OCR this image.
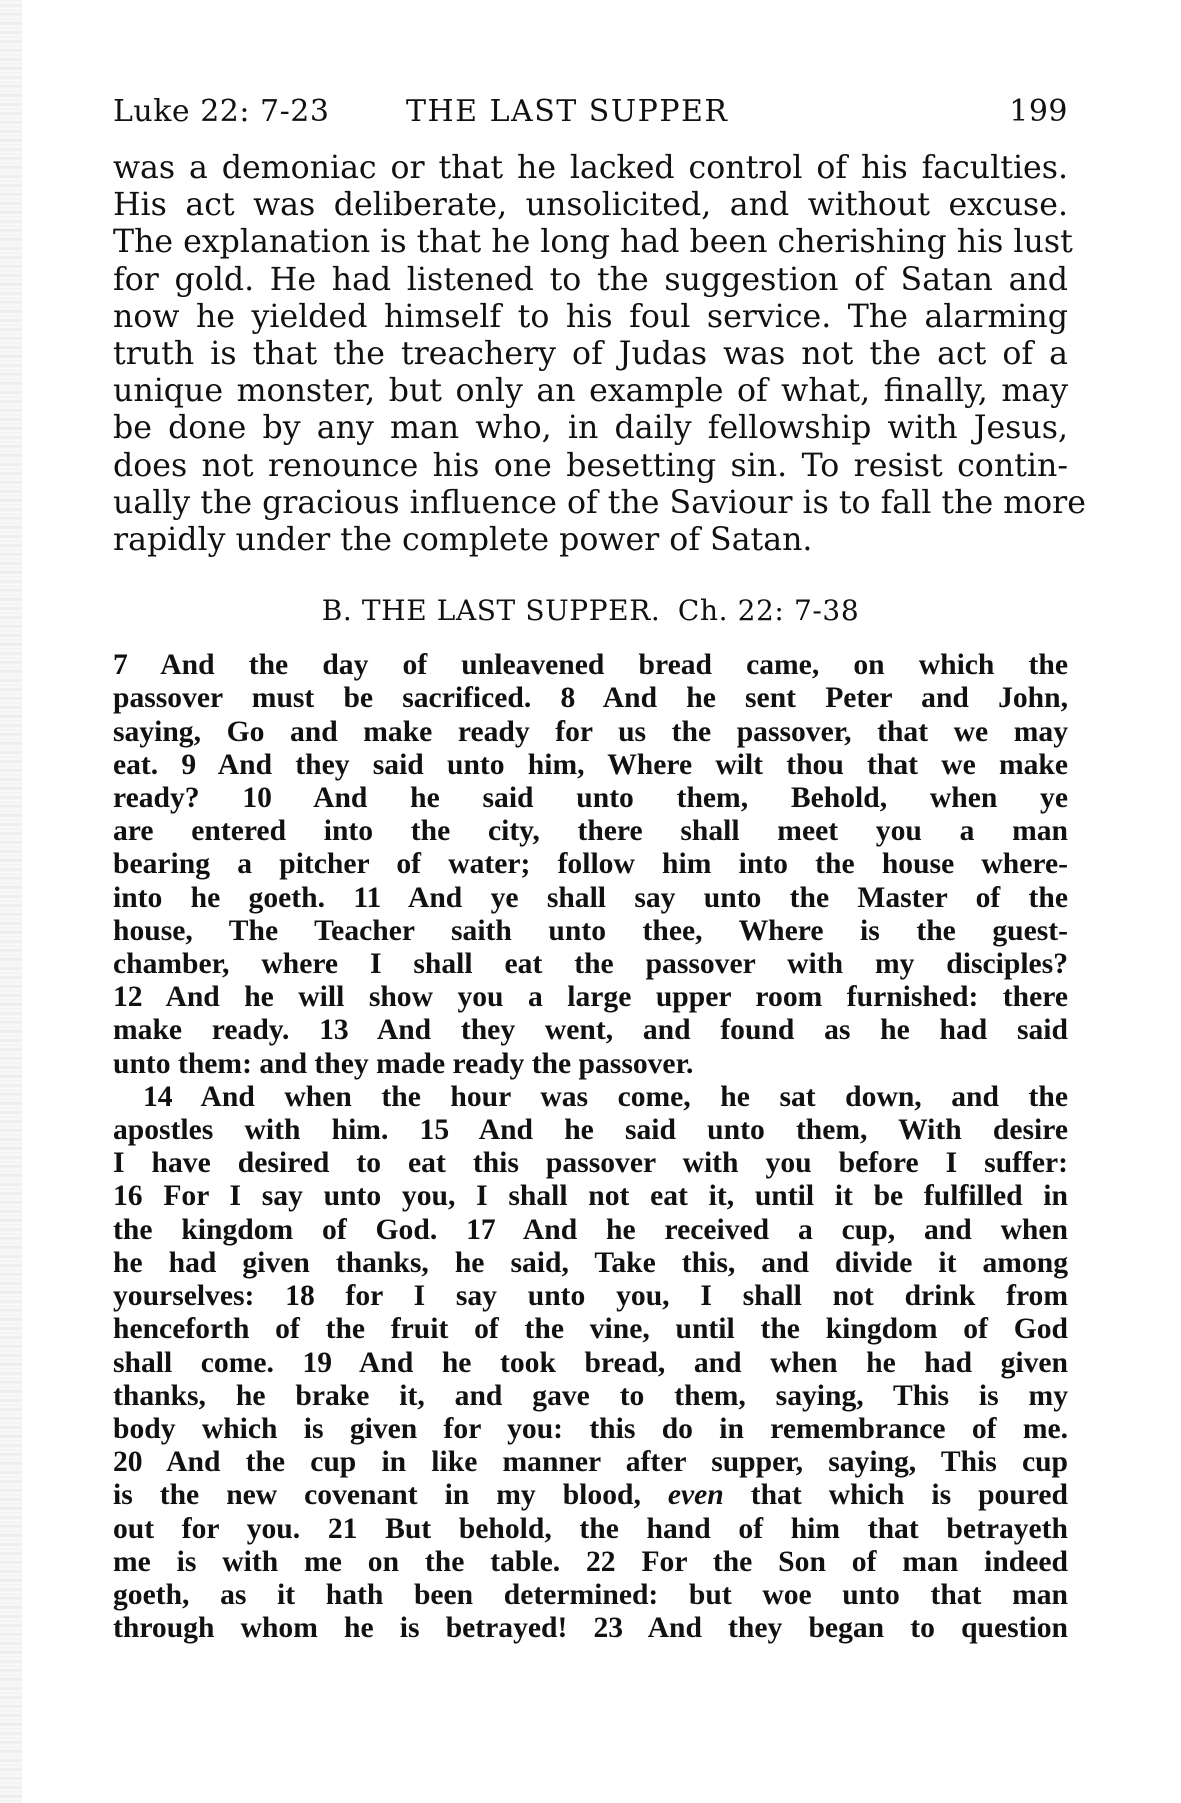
Luke 22: 7-23	THE LAST SUPPER	199

was a demoniac or that he lacked control of his faculties.
His act was deliberate, unsolicited, and without excuse.
The explanation is that he long had been cherishing his lust
for gold. He had listened to the suggestion of Satan and
now he yielded himself to his foul service. The alarming
truth is that the treachery of Judas was not the act of a
unique monster, but only an example of what, finally, may
be done by any man who, in daily fellowship with Jesus,
does not renounce his one besetting sin. To resist contin-
ually the gracious influence of the Saviour is to fall the more
rapidly under the complete power of Satan.

B. THE LAST SUPPER. Ch. 22: 7-38

7 And the day of unleavened bread came, on which the
passover must be sacrificed. 8 And he sent Peter and John,
saying, Go and make ready for us the passover, that we may
eat. 9 And they said unto him, Where wilt thou that we make
ready? 10 And he said unto them, Behold, when ye
are entered into the city, there shall meet you a man
bearing a pitcher of water; follow him into the house where-
into he goeth. 11 And ye shall say unto the Master of the
house, The Teacher saith unto thee, Where is the guest-
chamber, where I shall eat the passover with my disciples?
12 And he will show you a large upper room furnished: there
make ready. 13 And they went, and found as he had said
unto them: and they made ready the passover.

14 And when the hour was come, he sat down, and the
apostles with him. 15 And he said unto them, With desire
I have desired to eat this passover with you before I suffer:
16 For I say unto you, I shall not eat it, until it be fulfilled in
the kingdom of God. 17 And he received a cup, and when
he had given thanks, he said, Take this, and divide it among
yourselves: 18 for I say unto you, I shall not drink from
henceforth of the fruit of the vine, until the kingdom of God
shall come. 19 And he took bread, and when he had given
thanks, he brake it, and gave to them, saying, This is my
body which is given for you: this do in remembrance of me.
20 And the cup in like manner after supper, saying, This cup
is the new covenant in my blood, even that which is poured
out for you. 21 But behold, the hand of him that betrayeth
me is with me on the table. 22 For the Son of man indeed
goeth, as it hath been determined: but woe unto that man
through whom he is betrayed! 23 And they began to question
